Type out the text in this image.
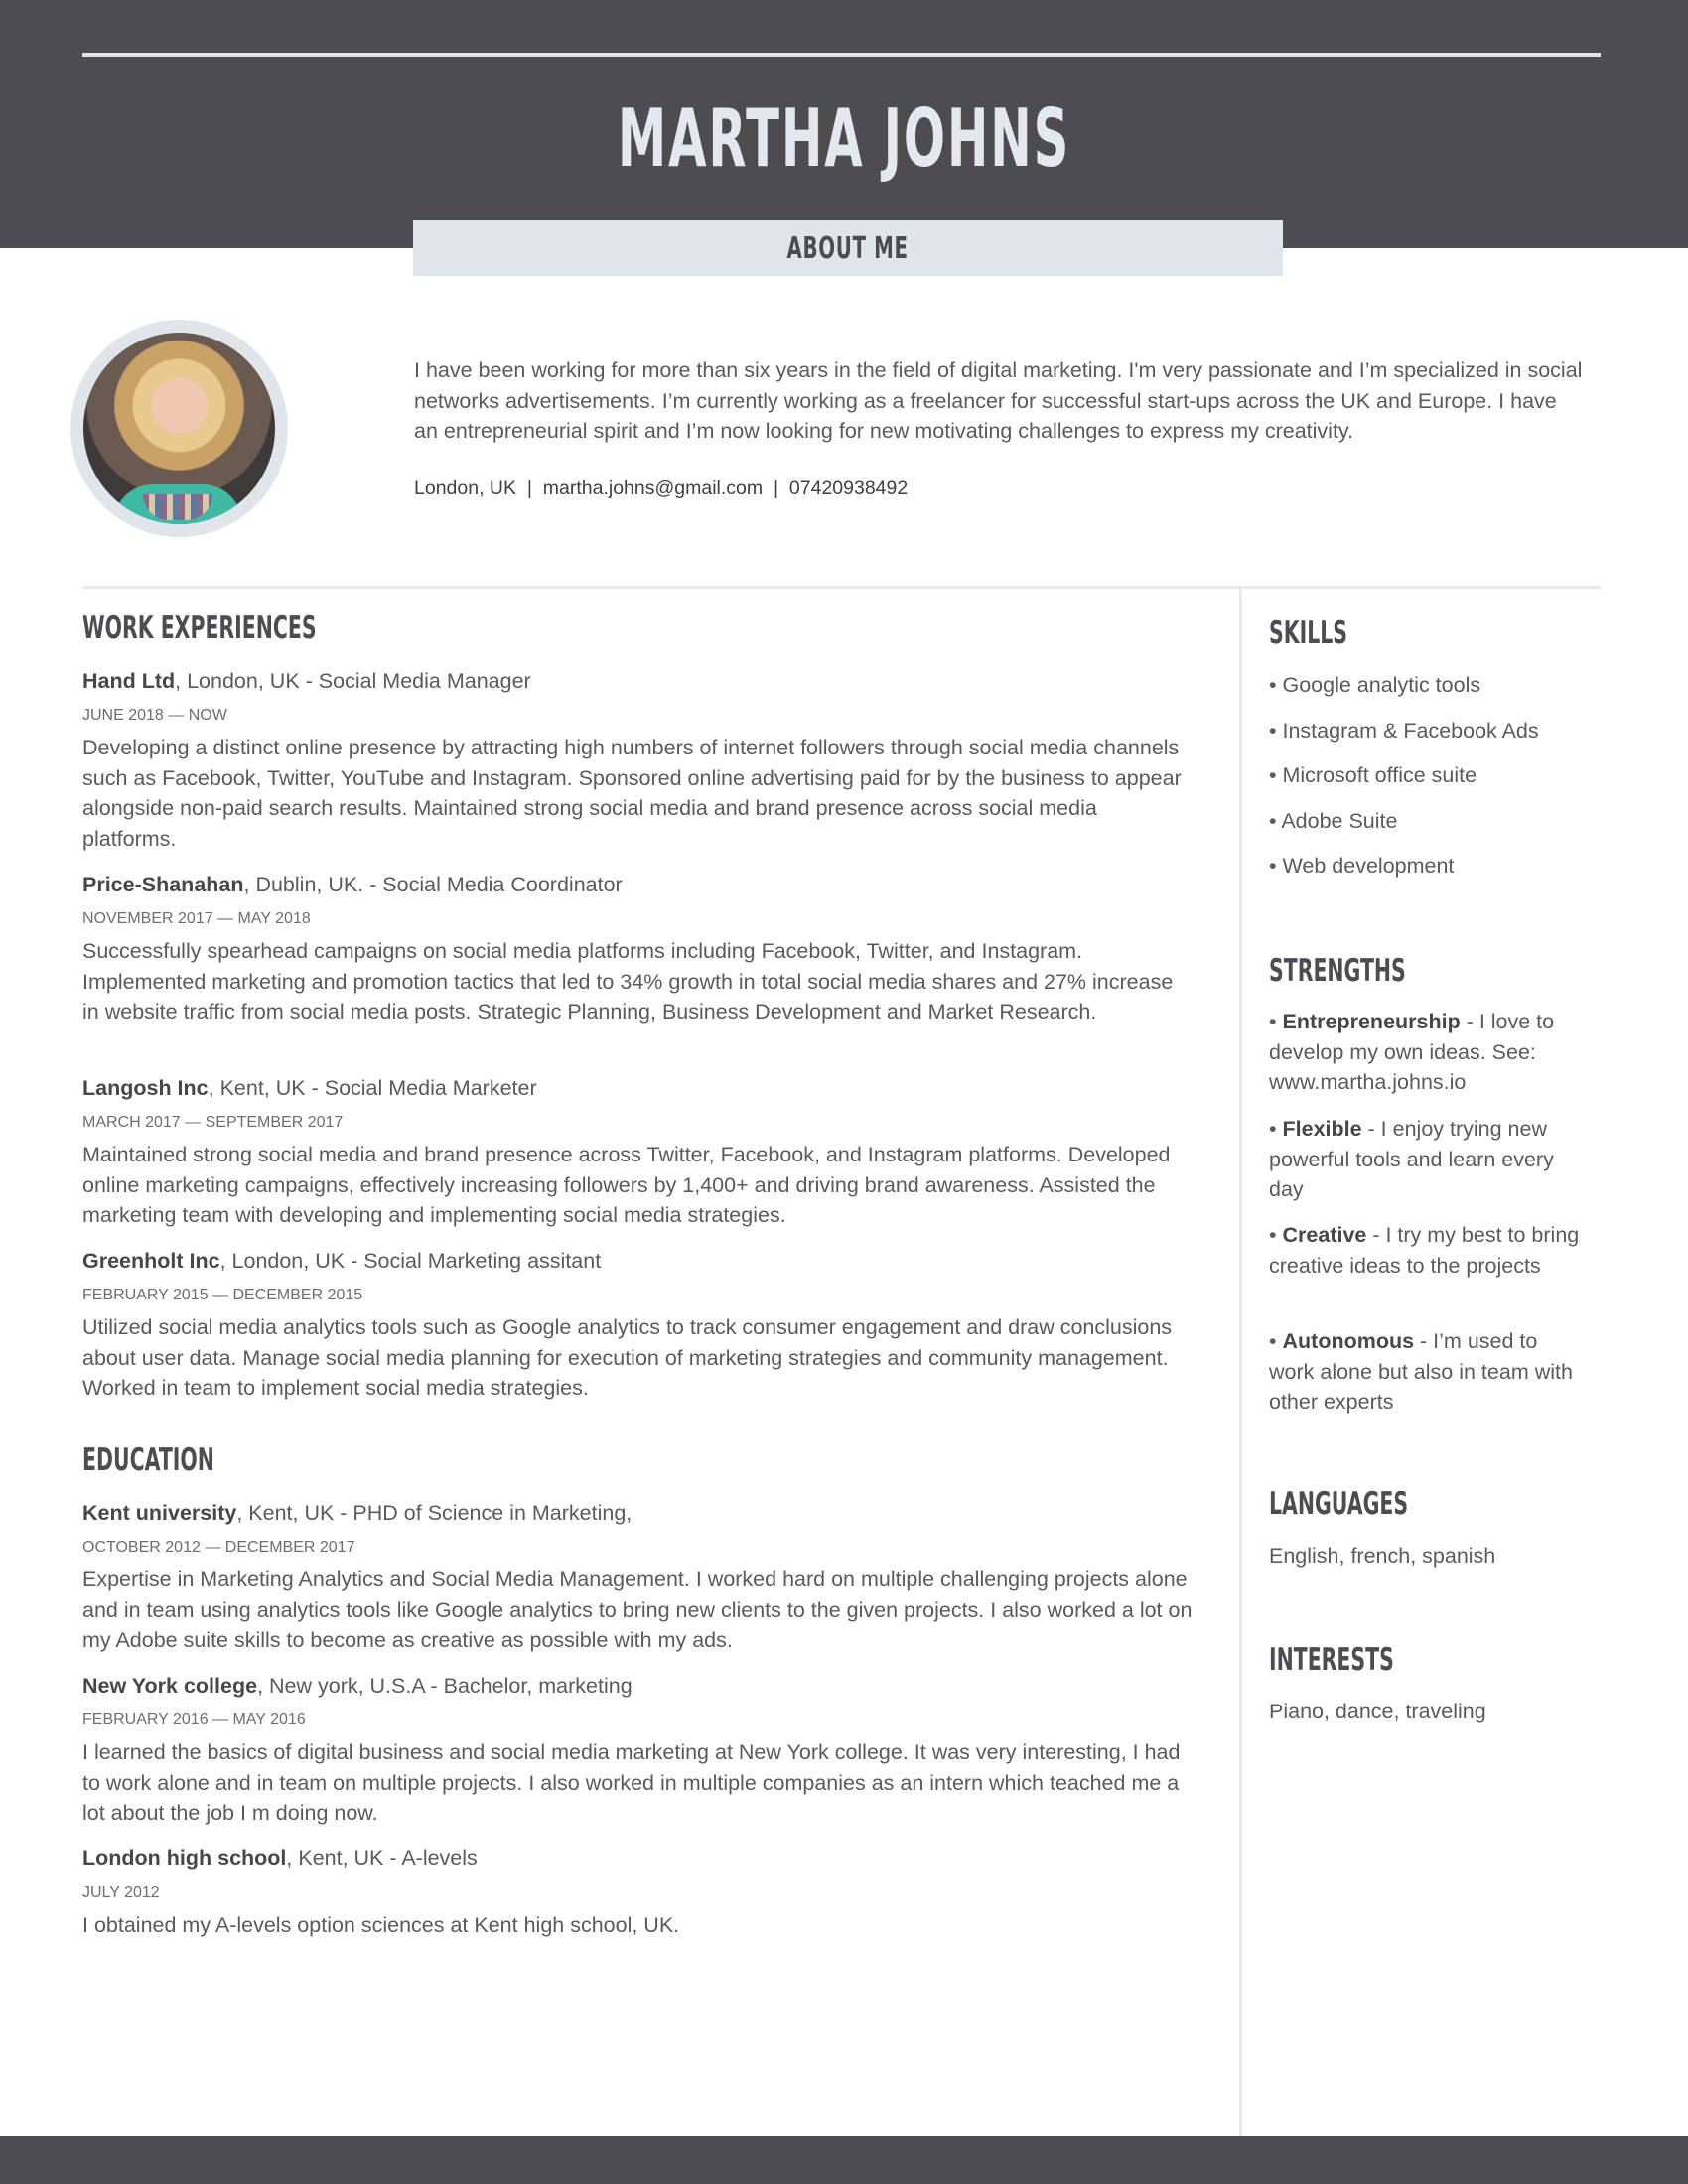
MARTHA JOHNS
ABOUT ME
I have been working for more than six years in the field of digital marketing. I'm very passionate and I’m specialized in social networks advertisements. I’m currently working as a freelancer for successful start-ups across the UK and Europe. I have an entrepreneurial spirit and I’m now looking for new motivating challenges to express my creativity.
London, UK | martha.johns@gmail.com | 07420938492
WORK EXPERIENCES
Hand Ltd, London, UK - Social Media Manager
JUNE 2018 — NOW
Developing a distinct online presence by attracting high numbers of internet followers through social media channels such as Facebook, Twitter, YouTube and Instagram. Sponsored online advertising paid for by the business to appear alongside non-paid search results. Maintained strong social media and brand presence across social media platforms.
Price-Shanahan, Dublin, UK. - Social Media Coordinator
NOVEMBER 2017 — MAY 2018
Successfully spearhead campaigns on social media platforms including Facebook, Twitter, and Instagram. Implemented marketing and promotion tactics that led to 34% growth in total social media shares and 27% increase in website traffic from social media posts. Strategic Planning, Business Development and Market Research.
Langosh Inc, Kent, UK - Social Media Marketer
MARCH 2017 — SEPTEMBER 2017
Maintained strong social media and brand presence across Twitter, Facebook, and Instagram platforms. Developed online marketing campaigns, effectively increasing followers by 1,400+ and driving brand awareness. Assisted the marketing team with developing and implementing social media strategies.
Greenholt Inc, London, UK - Social Marketing assitant
FEBRUARY 2015 — DECEMBER 2015
Utilized social media analytics tools such as Google analytics to track consumer engagement and draw conclusions about user data. Manage social media planning for execution of marketing strategies and community management. Worked in team to implement social media strategies.
EDUCATION
Kent university, Kent, UK - PHD of Science in Marketing,
OCTOBER 2012 — DECEMBER 2017
Expertise in Marketing Analytics and Social Media Management. I worked hard on multiple challenging projects alone and in team using analytics tools like Google analytics to bring new clients to the given projects. I also worked a lot on my Adobe suite skills to become as creative as possible with my ads.
New York college, New york, U.S.A - Bachelor, marketing
FEBRUARY 2016 — MAY 2016
I learned the basics of digital business and social media marketing at New York college. It was very interesting, I had to work alone and in team on multiple projects. I also worked in multiple companies as an intern which teached me a lot about the job I m doing now.
London high school, Kent, UK - A-levels
JULY 2012
I obtained my A-levels option sciences at Kent high school, UK.
SKILLS
• Google analytic tools
• Instagram & Facebook Ads
• Microsoft office suite
• Adobe Suite
• Web development
STRENGTHS
• Entrepreneurship - I love to develop my own ideas. See: www.martha.johns.io
• Flexible - I enjoy trying new powerful tools and learn every day
• Creative - I try my best to bring creative ideas to the projects
• Autonomous - I’m used to work alone but also in team with other experts
LANGUAGES
English, french, spanish
INTERESTS
Piano, dance, traveling
